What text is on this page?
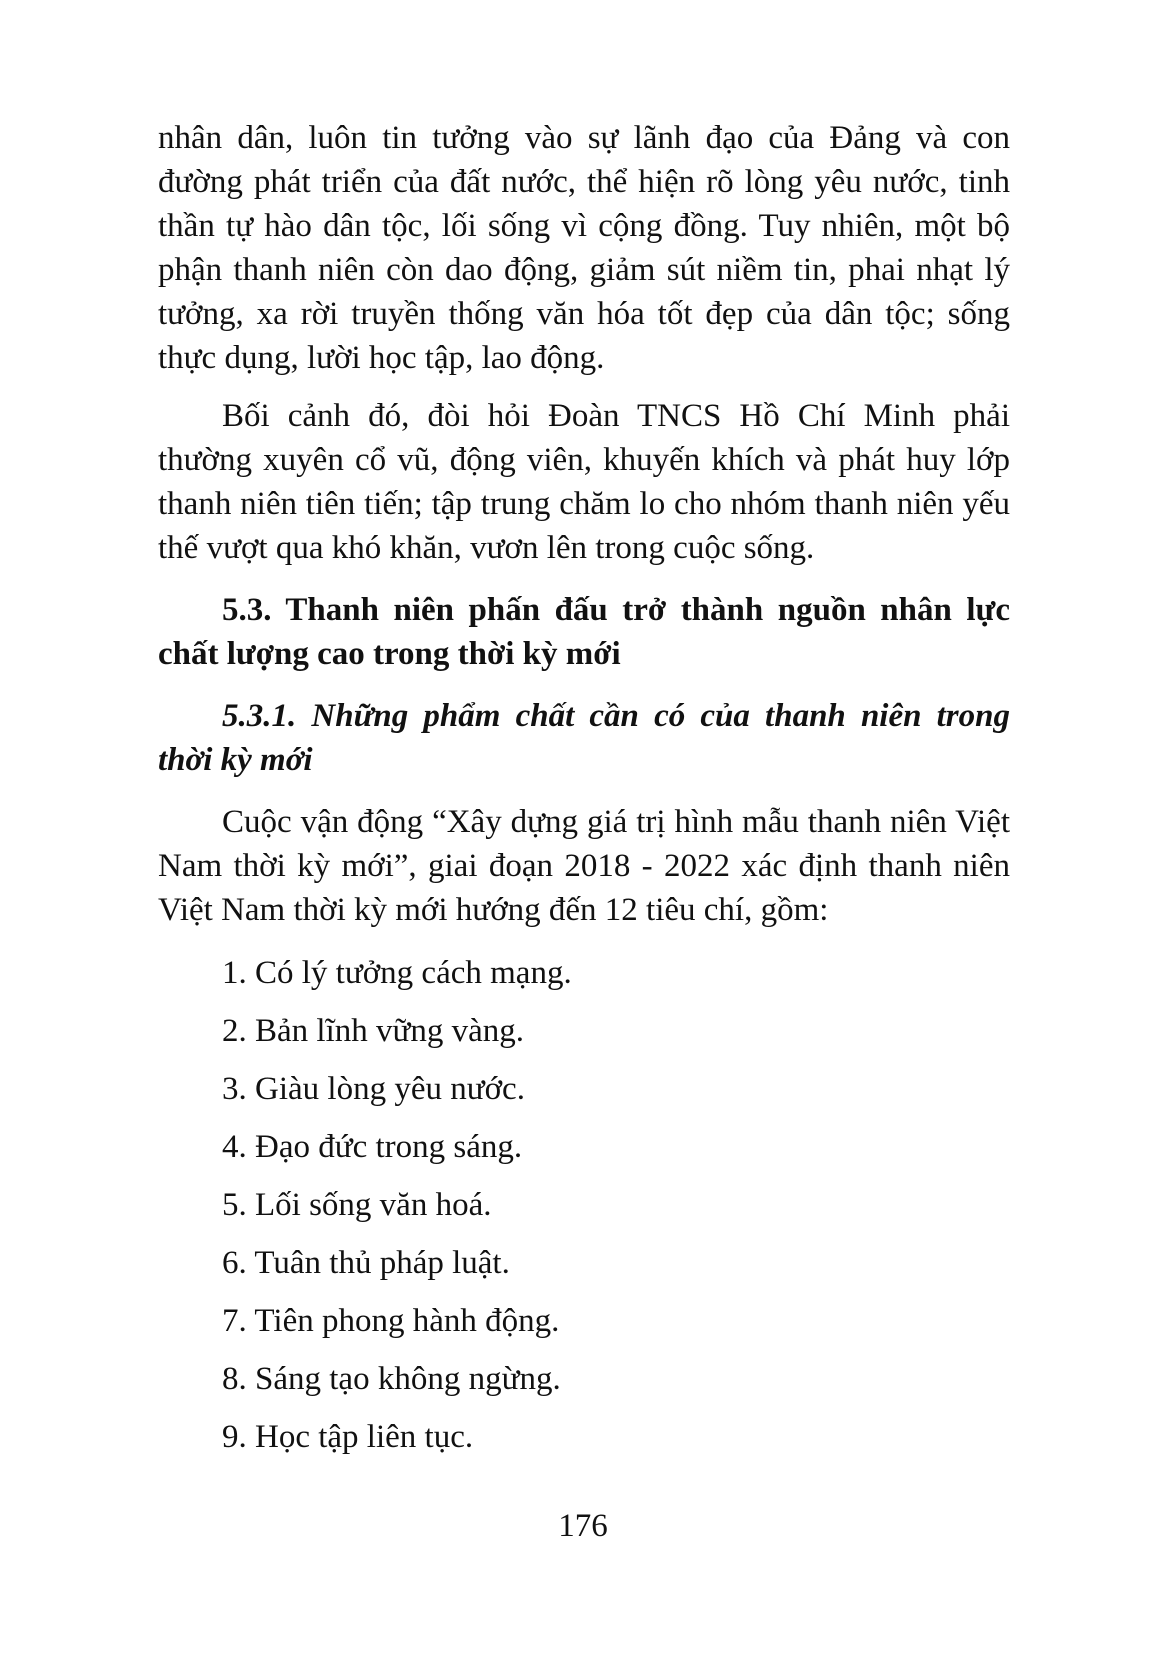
nhân dân, luôn tin tưởng vào sự lãnh đạo của Đảng và con đường phát triển của đất nước, thể hiện rõ lòng yêu nước, tinh thần tự hào dân tộc, lối sống vì cộng đồng. Tuy nhiên, một bộ phận thanh niên còn dao động, giảm sút niềm tin, phai nhạt lý tưởng, xa rời truyền thống văn hóa tốt đẹp của dân tộc; sống thực dụng, lười học tập, lao động.

Bối cảnh đó, đòi hỏi Đoàn TNCS Hồ Chí Minh phải thường xuyên cổ vũ, động viên, khuyến khích và phát huy lớp thanh niên tiên tiến; tập trung chăm lo cho nhóm thanh niên yếu thế vượt qua khó khăn, vươn lên trong cuộc sống.

5.3. Thanh niên phấn đấu trở thành nguồn nhân lực chất lượng cao trong thời kỳ mới

5.3.1. Những phẩm chất cần có của thanh niên trong thời kỳ mới

Cuộc vận động “Xây dựng giá trị hình mẫu thanh niên Việt Nam thời kỳ mới”, giai đoạn 2018 - 2022 xác định thanh niên Việt Nam thời kỳ mới hướng đến 12 tiêu chí, gồm:

1. Có lý tưởng cách mạng.
2. Bản lĩnh vững vàng.
3. Giàu lòng yêu nước.
4. Đạo đức trong sáng.
5. Lối sống văn hoá.
6. Tuân thủ pháp luật.
7. Tiên phong hành động.
8. Sáng tạo không ngừng.
9. Học tập liên tục.
176
